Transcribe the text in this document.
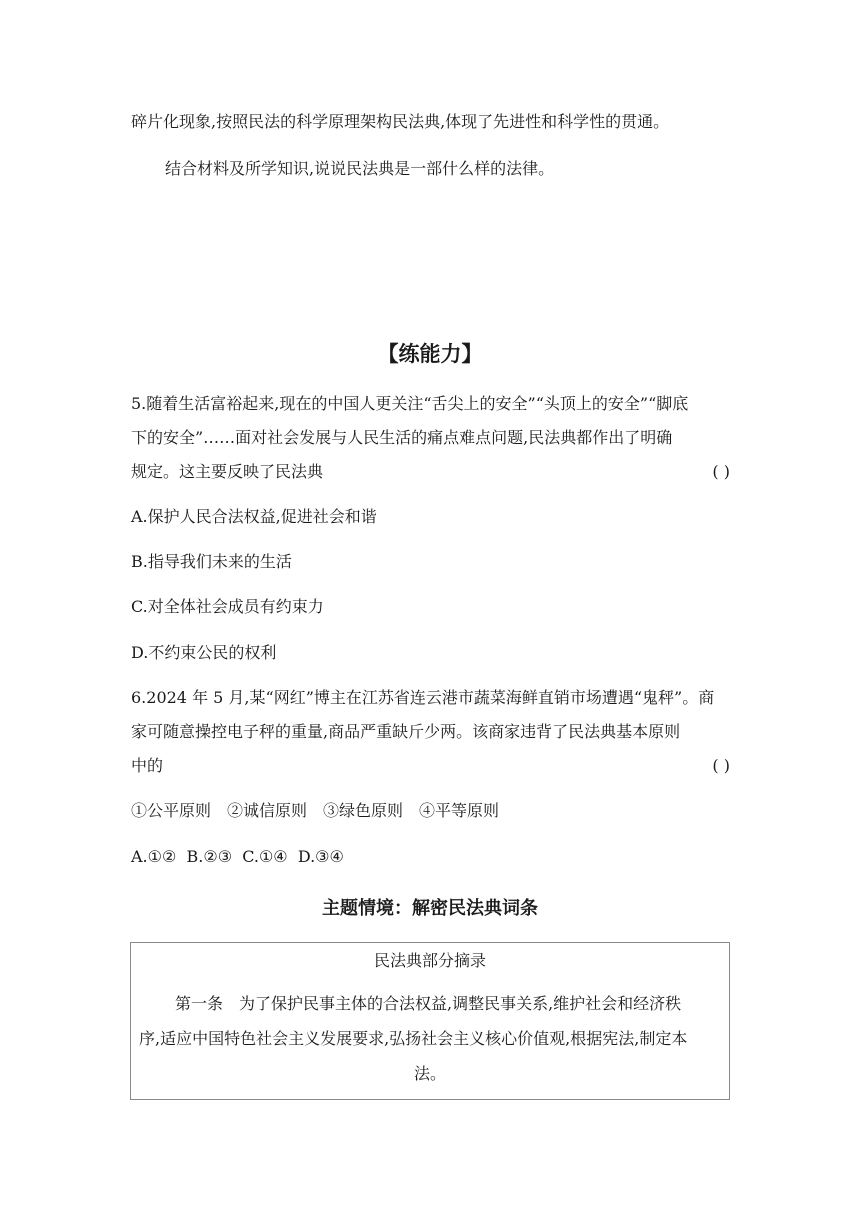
碎片化现象,按照民法的科学原理架构民法典,体现了先进性和科学性的贯通。
结合材料及所学知识,说说民法典是一部什么样的法律。
【练能力】
5.随着生活富裕起来,现在的中国人更关注“舌尖上的安全”“头顶上的安全”“脚底
下的安全”……面对社会发展与人民生活的痛点难点问题,民法典都作出了明确
规定。这主要反映了民法典	( )
A.保护人民合法权益,促进社会和谐
B.指导我们未来的生活
C.对全体社会成员有约束力
D.不约束公民的权利
6.2024 年 5 月,某“网红”博主在江苏省连云港市蔬菜海鲜直销市场遭遇“鬼秤”。商
家可随意操控电子秤的重量,商品严重缺斤少两。该商家违背了民法典基本原则
中的	( )
①公平原则　②诚信原则　③绿色原则　④平等原则
A.①②  B.②③  C.①④  D.③④
主题情境：解密民法典词条
民法典部分摘录
第一条　为了保护民事主体的合法权益,调整民事关系,维护社会和经济秩
序,适应中国特色社会主义发展要求,弘扬社会主义核心价值观,根据宪法,制定本
法。
